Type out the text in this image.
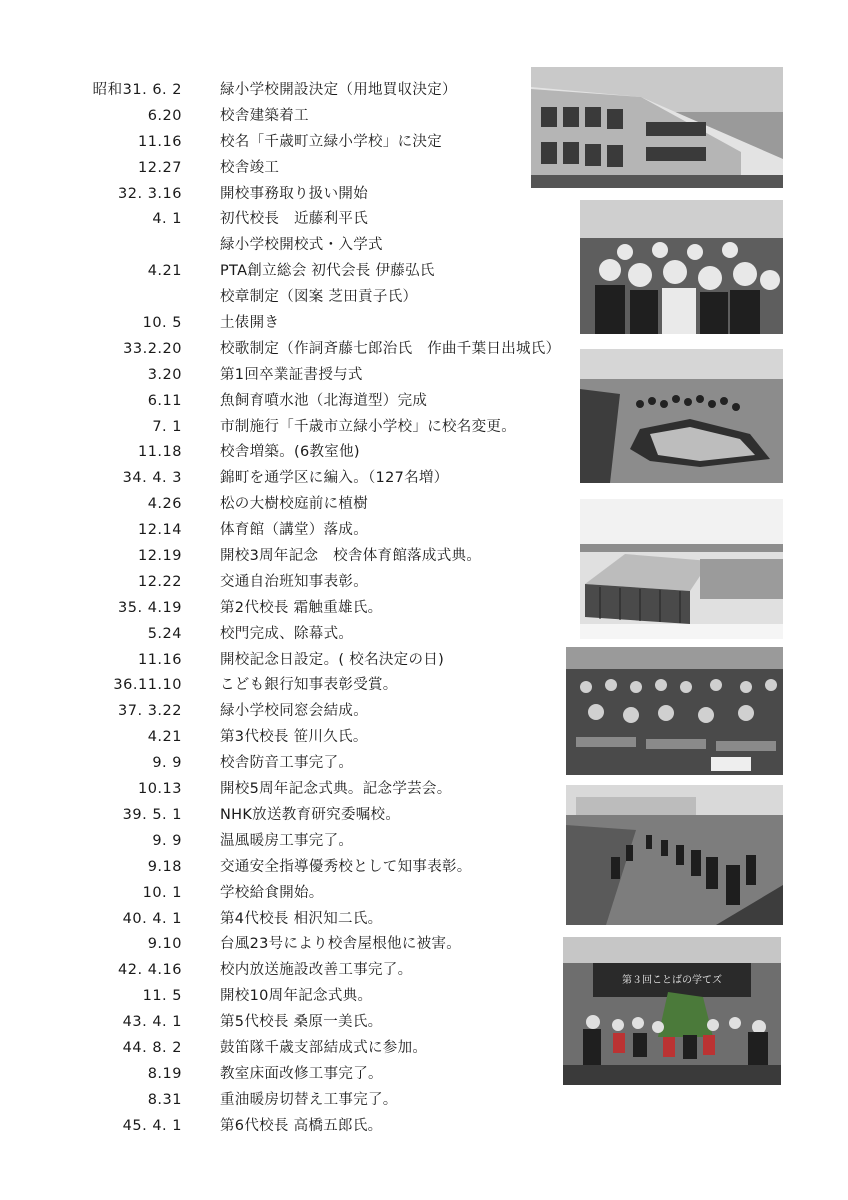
昭和31. 6. 2	緑小学校開設決定（用地買収決定）
6.20	校舎建築着工
11.16	校名「千歳町立緑小学校」に決定
12.27	校舎竣工
32. 3.16	開校事務取り扱い開始
4. 1	初代校長　近藤利平氏
緑小学校開校式・入学式
4.21	PTA創立総会 初代会長 伊藤弘氏
校章制定（図案 芝田貢子氏）
10. 5	土俵開き
33.2.20	校歌制定（作詞斉藤七郎治氏　作曲千葉日出城氏）
3.20	第1回卒業証書授与式
6.11	魚飼育噴水池（北海道型）完成
7. 1	市制施行「千歳市立緑小学校」に校名変更。
11.18	校舎増築。(6教室他)
34. 4. 3	錦町を通学区に編入。（127名増）
4.26	松の大樹校庭前に植樹
12.14	体育館（講堂）落成。
12.19	開校3周年記念　校舎体育館落成式典。
12.22	交通自治班知事表彰。
35. 4.19	第2代校長 霜触重雄氏。
5.24	校門完成、除幕式。
11.16	開校記念日設定。( 校名決定の日)
36.11.10	こども銀行知事表彰受賞。
37. 3.22	緑小学校同窓会結成。
4.21	第3代校長 笹川久氏。
9. 9	校舎防音工事完了。
10.13	開校5周年記念式典。記念学芸会。
39. 5. 1	NHK放送教育研究委嘱校。
9. 9	温風暖房工事完了。
9.18	交通安全指導優秀校として知事表彰。
10. 1	学校給食開始。
40. 4. 1	第4代校長 相沢知二氏。
9.10	台風23号により校舎屋根他に被害。
42. 4.16	校内放送施設改善工事完了。
11. 5	開校10周年記念式典。
43. 4. 1	第5代校長 桑原一美氏。
44. 8. 2	鼓笛隊千歳支部結成式に参加。
8.19	教室床面改修工事完了。
8.31	重油暖房切替え工事完了。
45. 4. 1	第6代校長 高橋五郎氏。
第３回ことばの学てズ
